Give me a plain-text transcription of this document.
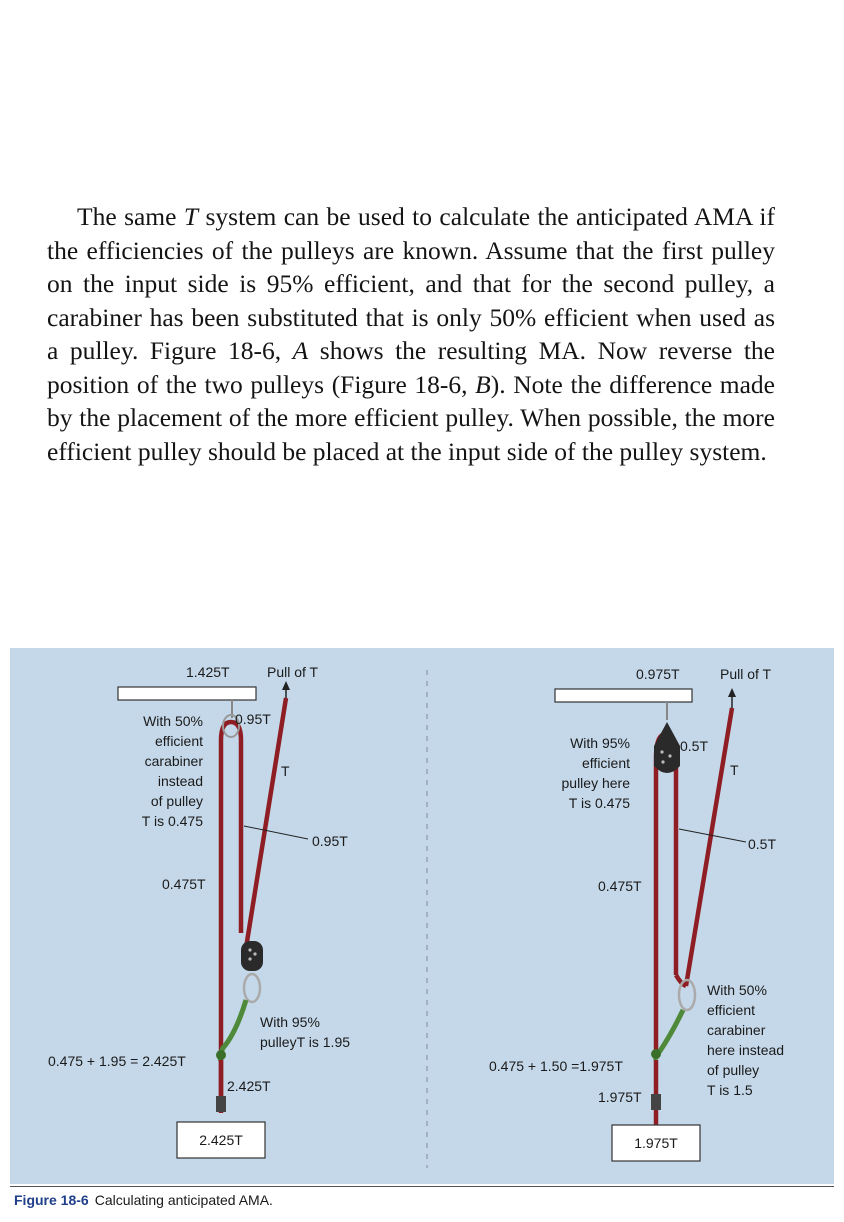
The same T system can be used to calculate the anticipated AMA if the efficiencies of the pulleys are known. Assume that the first pulley on the input side is 95% efficient, and that for the second pulley, a carabiner has been substituted that is only 50% efficient when used as a pulley. Figure 18-6, A shows the resulting MA. Now reverse the position of the two pulleys (Figure 18-6, B). Note the difference made by the placement of the more efficient pulley. When possible, the more efficient pulley should be placed at the input side of the pulley system.

2.425T
1.425T	Pull of T
0.95T
T
0.95T
0.475T
With 50%
efficient
carabiner
instead
of pulley
T is 0.475
With 95%
pulleyT is 1.95
0.475 + 1.95 = 2.425T
2.425T
1.975T
0.975T	Pull of T
0.5T
T
0.5T
0.475T
With 95%
efficient
pulley here
T is 0.475
With 50%
efficient
carabiner
here instead
of pulley
T is 1.5
0.475 + 1.50 =1.975T
1.975T
Figure 18-6 Calculating anticipated AMA.
